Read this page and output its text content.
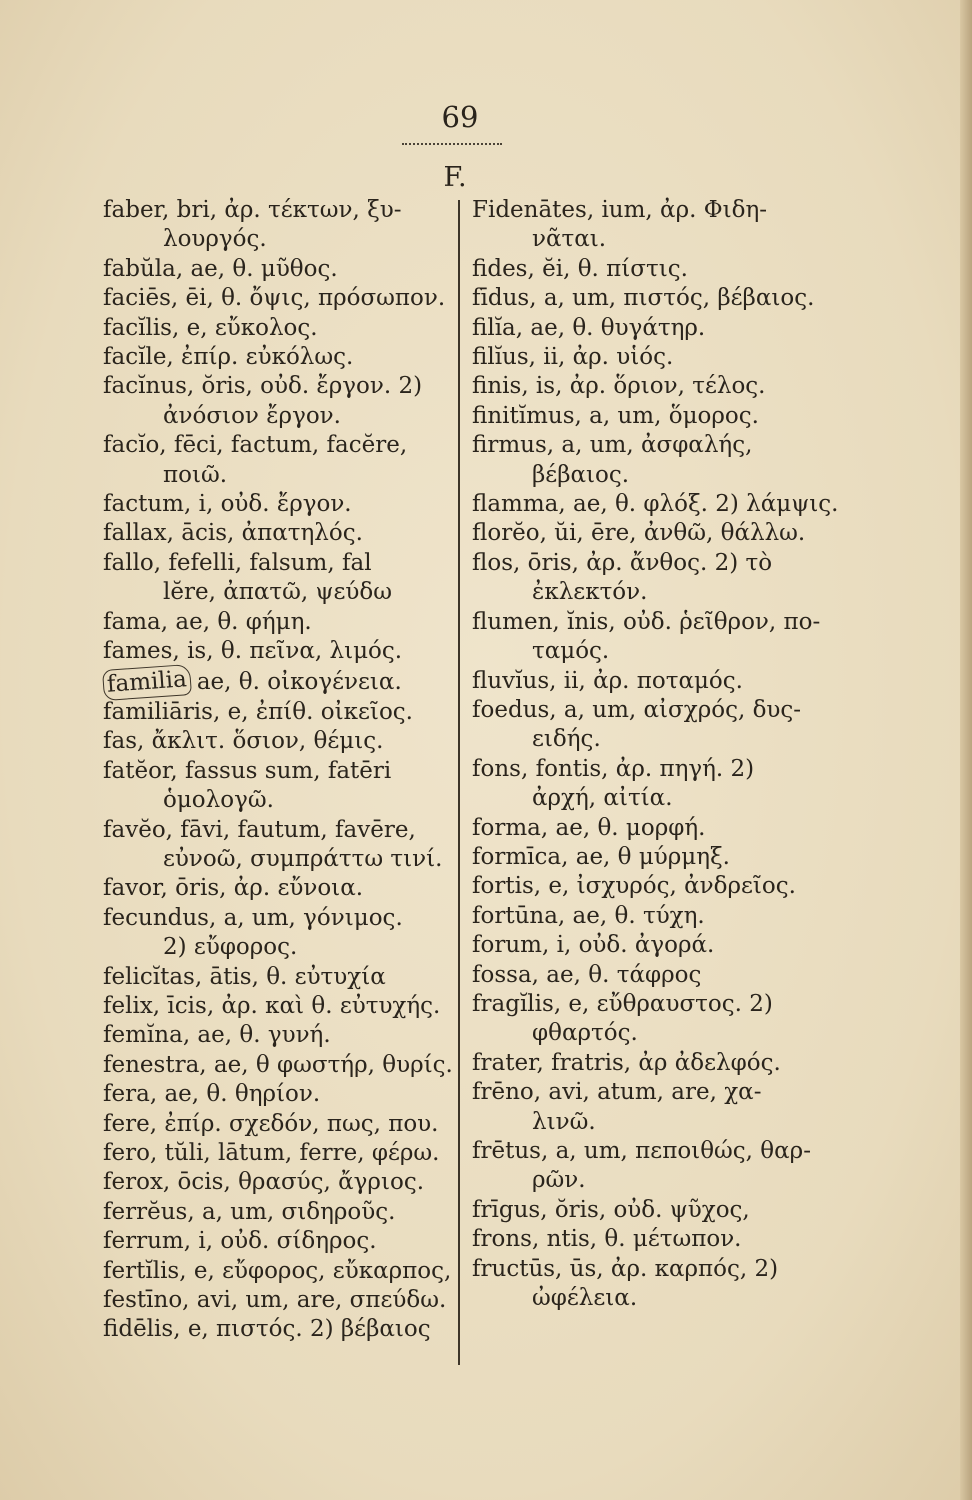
69
F.
faber, bri, ἀρ. τέκτων, ξυ-
λουργός.
fabŭla, ae, θ. μῦθος.
faciēs, ēi, θ. ὄψις, πρόσωπον.
facĭlis, e, εὔκολος.
facĭle, ἐπίρ. εὐκόλως.
facĭnus, ŏris, οὐδ. ἔργον. 2)
ἀνόσιον ἔργον.
facĭo, fēci, factum, facĕre,
ποιῶ.
factum, i, οὐδ. ἔργον.
fallax, ācis, ἀπατηλός.
fallo, fefelli, falsum, fal
lĕre, ἀπατῶ, ψεύδω
fama, ae, θ. φήμη.
fames, is, θ. πεῖνα, λιμός.
familia ae, θ. οἰκογένεια.
familiāris, e, ἐπίθ. οἰκεῖος.
fas, ἄκλιτ. ὅσιον, θέμις.
fatĕor, fassus sum, fatēri
ὁμολογῶ.
favĕo, fāvi, fautum, favēre,
εὐνοῶ, συμπράττω τινί.
favor, ōris, ἀρ. εὔνοια.
fecundus, a, um, γόνιμος.
2) εὔφορος.
felicĭtas, ātis, θ. εὐτυχία
felix, īcis, ἀρ. καὶ θ. εὐτυχής.
femĭna, ae, θ. γυνή.
fenestra, ae, θ φωστήρ, θυρίς.
fera, ae, θ. θηρίον.
fere, ἐπίρ. σχεδόν, πως, που.
fero, tŭli, lātum, ferre, φέρω.
ferox, ōcis, θρασύς, ἄγριος.
ferrĕus, a, um, σιδηροῦς.
ferrum, i, οὐδ. σίδηρος.
fertĭlis, e, εὔφορος, εὔκαρπος,
festīno, avi, um, are, σπεύδω.
fidēlis, e, πιστός. 2) βέβαιος
Fidenātes, ium, ἀρ. Φιδη-
νᾶται.
fides, ĕi, θ. πίστις.
fīdus, a, um, πιστός, βέβαιος.
filĭa, ae, θ. θυγάτηρ.
filĭus, ii, ἀρ. υἱός.
finis, is, ἀρ. ὅριον, τέλος.
finitĭmus, a, um, ὅμορος.
firmus, a, um, ἀσφαλής,
βέβαιος.
flamma, ae, θ. φλόξ. 2) λάμψις.
florĕo, ŭi, ēre, ἀνθῶ, θάλλω.
flos, ōris, ἀρ. ἄνθος. 2) τὸ
ἐκλεκτόν.
flumen, ĭnis, οὐδ. ῥεῖθρον, πο-
ταμός.
fluvĭus, ii, ἀρ. ποταμός.
foedus, a, um, αἰσχρός, δυς-
ειδής.
fons, fontis, ἀρ. πηγή. 2)
ἀρχή, αἰτία.
forma, ae, θ. μορφή.
formīca, ae, θ μύρμηξ.
fortis, e, ἰσχυρός, ἀνδρεῖος.
fortūna, ae, θ. τύχη.
forum, i, οὐδ. ἀγορά.
fossa, ae, θ. τάφρος
fragĭlis, e, εὔθραυστος. 2)
φθαρτός.
frater, fratris, ἀρ ἀδελφός.
frēno, avi, atum, are, χα-
λινῶ.
frētus, a, um, πεποιθώς, θαρ-
ρῶν.
frīgus, ŏris, οὐδ. ψῦχος,
frons, ntis, θ. μέτωπον.
fructūs, ūs, ἀρ. καρπός, 2)
ὠφέλεια.
